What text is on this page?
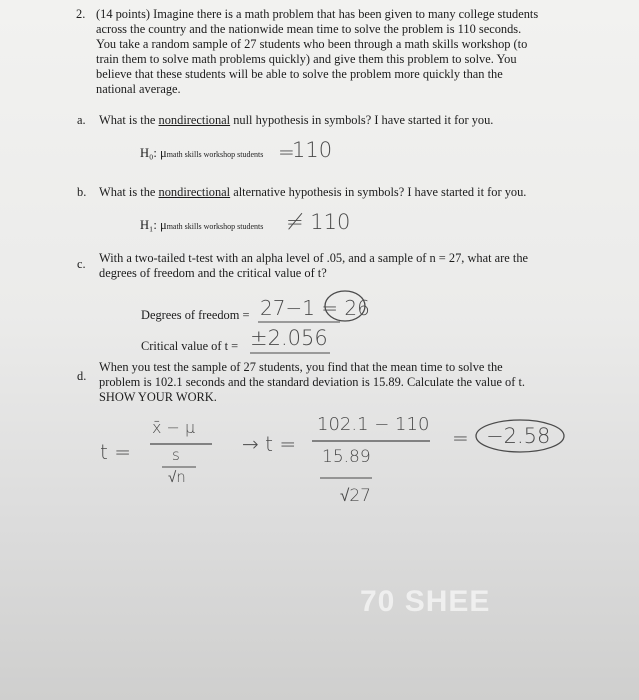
2. (14 points) Imagine there is a math problem that has been given to many college students
across the country and the nationwide mean time to solve the problem is 110 seconds.
You take a random sample of 27 students who been through a math skills workshop (to
train them to solve math problems quickly) and give them this problem to solve. You
believe that these students will be able to solve the problem more quickly than the
national average.
a. What is the nondirectional null hypothesis in symbols? I have started it for you.
H₀: μmath skills workshop students =
110
b. What is the nondirectional alternative hypothesis in symbols? I have started it for you.
H₁: μmath skills workshop students ≠ 110
c. With a two-tailed t-test with an alpha level of .05, and a sample of n = 27, what are the
degrees of freedom and the critical value of t?
Degrees of freedom = 27−1 = 26
Critical value of t = ±2.056
d.
When you test the sample of 27 students, you find that the mean time to solve the
problem is 102.1 seconds and the standard deviation is 15.89. Calculate the value of t.
SHOW YOUR WORK.
t =
x̄ − μ
s
√n
→ t =
102.1 − 110
15.89
√27
= −2.58
70 SHEE
